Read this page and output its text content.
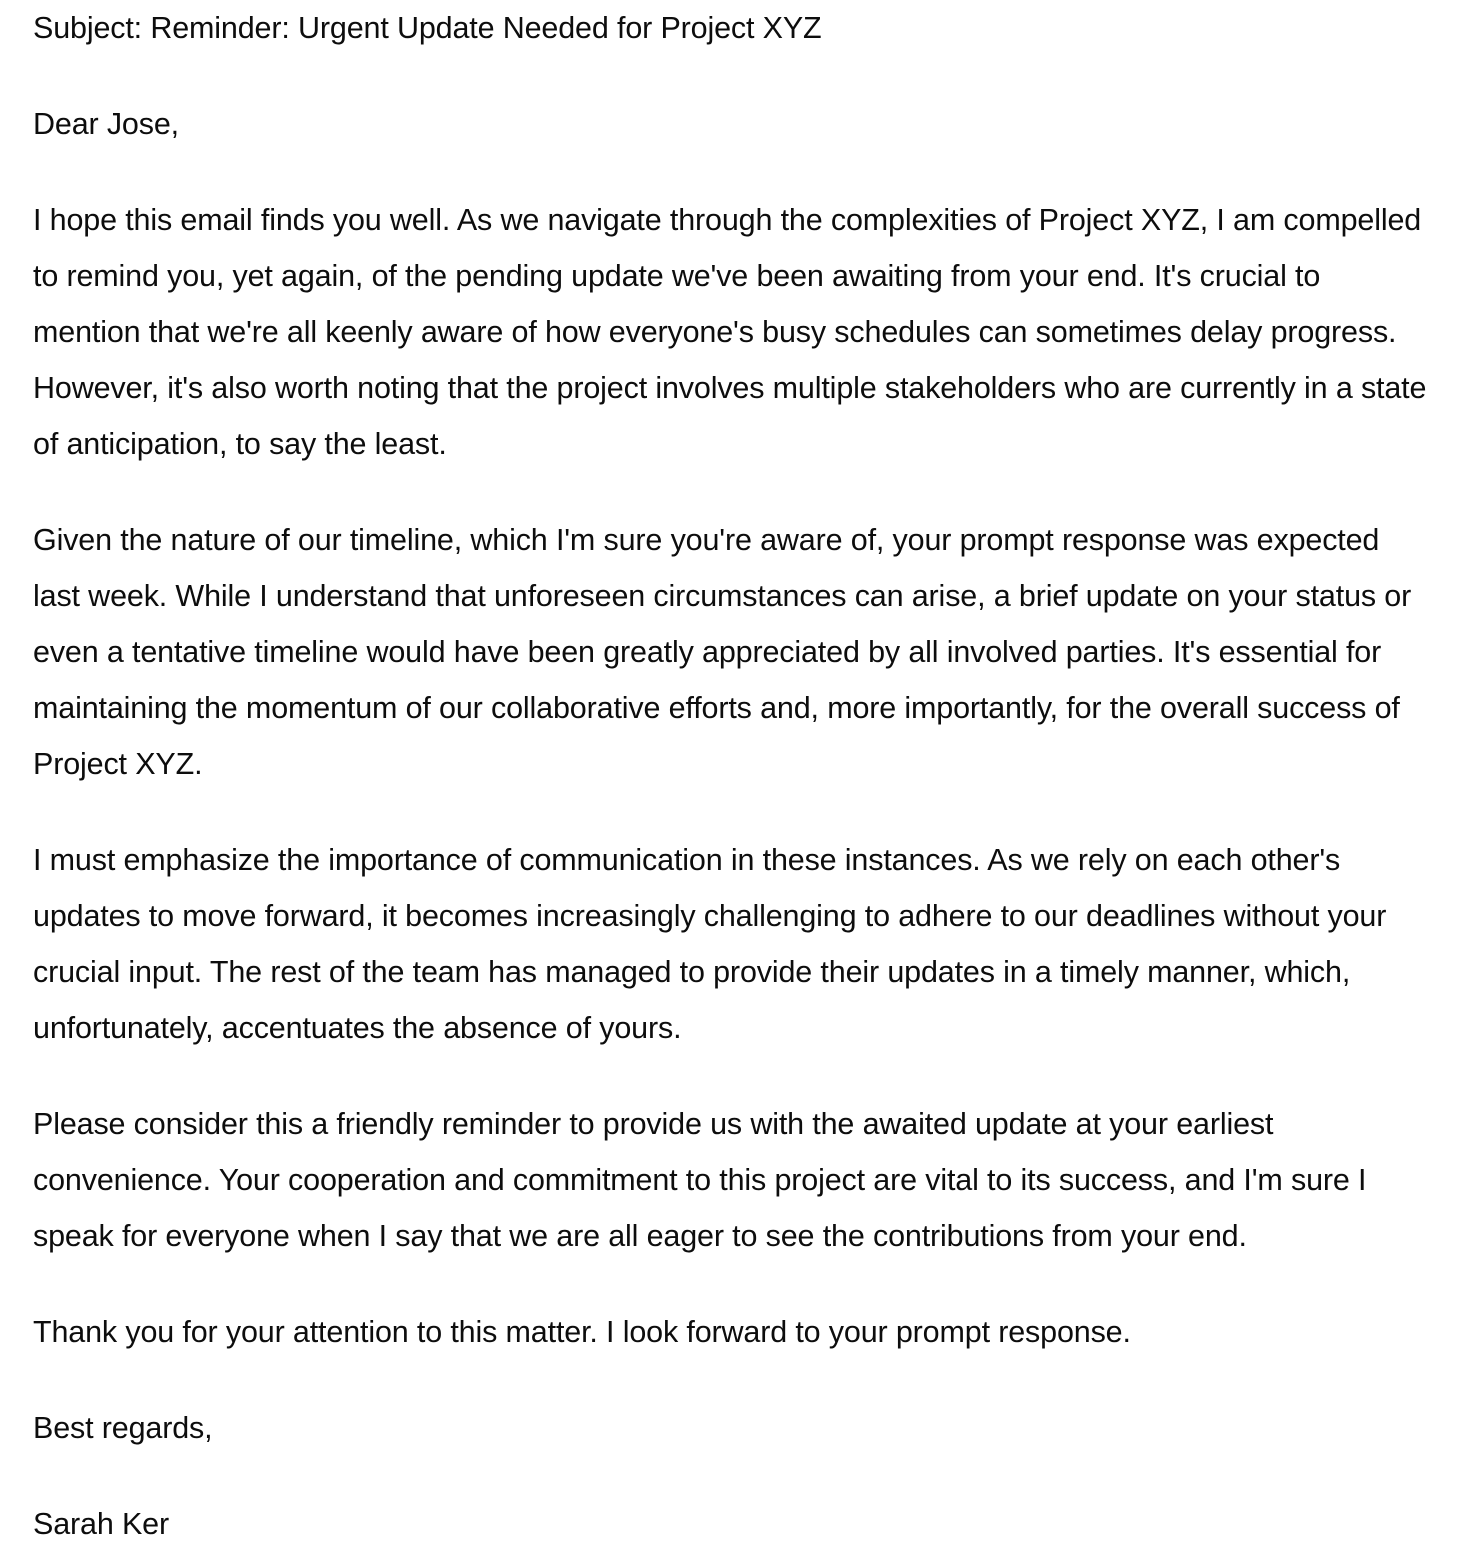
Subject: Reminder: Urgent Update Needed for Project XYZ

Dear Jose,

I hope this email finds you well. As we navigate through the complexities of Project XYZ, I am compelled to remind you, yet again, of the pending update we've been awaiting from your end. It's crucial to mention that we're all keenly aware of how everyone's busy schedules can sometimes delay progress. However, it's also worth noting that the project involves multiple stakeholders who are currently in a state of anticipation, to say the least.

Given the nature of our timeline, which I'm sure you're aware of, your prompt response was expected last week. While I understand that unforeseen circumstances can arise, a brief update on your status or even a tentative timeline would have been greatly appreciated by all involved parties. It's essential for maintaining the momentum of our collaborative efforts and, more importantly, for the overall success of Project XYZ.

I must emphasize the importance of communication in these instances. As we rely on each other's updates to move forward, it becomes increasingly challenging to adhere to our deadlines without your crucial input. The rest of the team has managed to provide their updates in a timely manner, which, unfortunately, accentuates the absence of yours.

Please consider this a friendly reminder to provide us with the awaited update at your earliest convenience. Your cooperation and commitment to this project are vital to its success, and I'm sure I speak for everyone when I say that we are all eager to see the contributions from your end.

Thank you for your attention to this matter. I look forward to your prompt response.

Best regards,

Sarah Ker
